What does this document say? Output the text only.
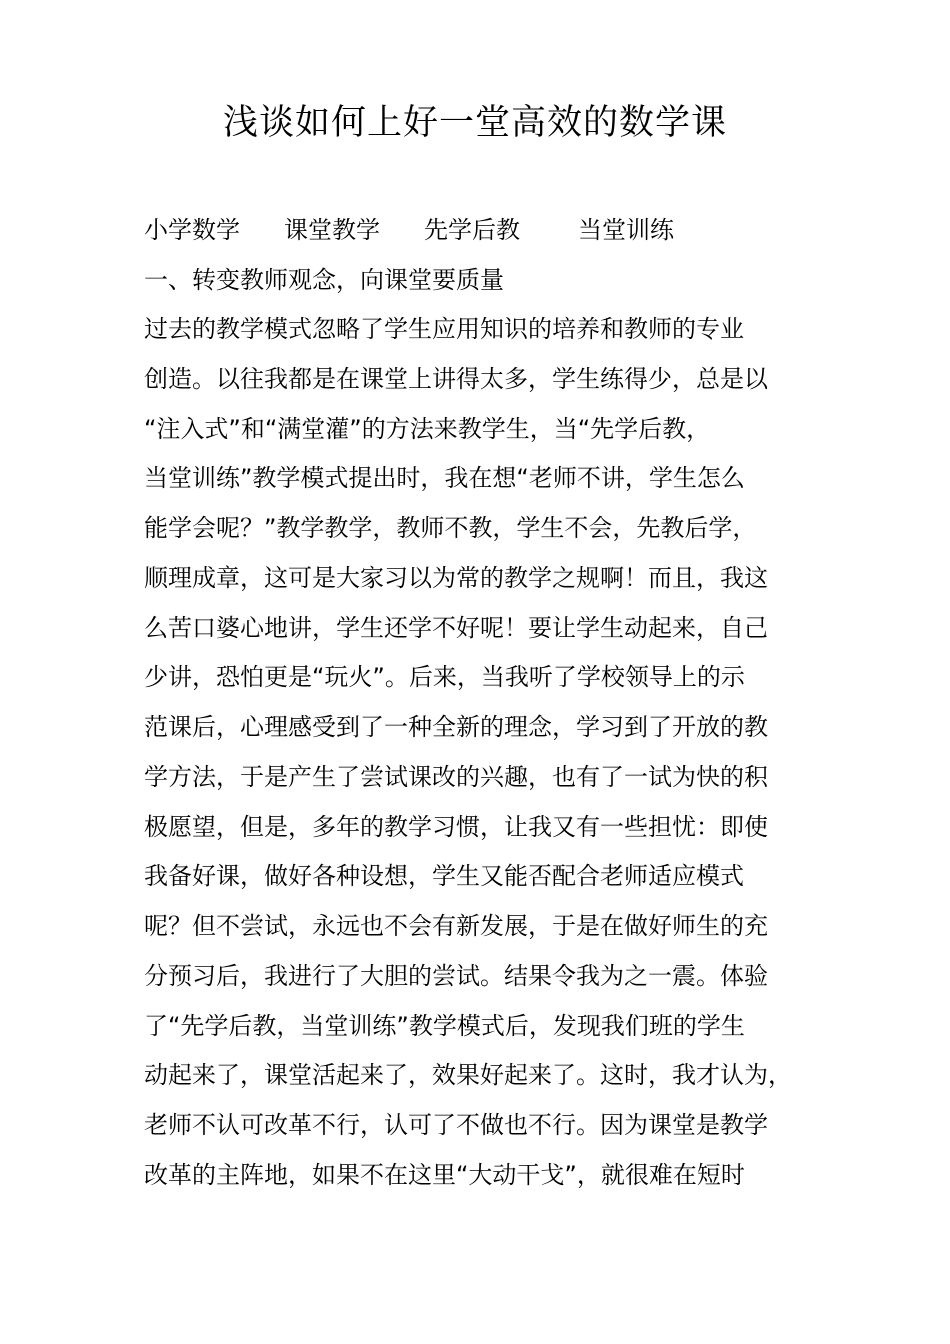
浅谈如何上好一堂高效的数学课
小学数学 课堂教学 先学后教 当堂训练
一、转变教师观念，向课堂要质量
过去的教学模式忽略了学生应用知识的培养和教师的专业
创造。以往我都是在课堂上讲得太多，学生练得少，总是以
“注入式”和“满堂灌”的方法来教学生，当“先学后教，
当堂训练”教学模式提出时，我在想“老师不讲，学生怎么
能学会呢？”教学教学，教师不教，学生不会，先教后学，
顺理成章，这可是大家习以为常的教学之规啊！而且，我这
么苦口婆心地讲，学生还学不好呢！要让学生动起来，自己
少讲，恐怕更是“玩火”。后来，当我听了学校领导上的示
范课后，心理感受到了一种全新的理念，学习到了开放的教
学方法，于是产生了尝试课改的兴趣，也有了一试为快的积
极愿望，但是，多年的教学习惯，让我又有一些担忧：即使
我备好课，做好各种设想，学生又能否配合老师适应模式
呢？但不尝试，永远也不会有新发展，于是在做好师生的充
分预习后，我进行了大胆的尝试。结果令我为之一震。体验
了“先学后教，当堂训练”教学模式后，发现我们班的学生
动起来了，课堂活起来了，效果好起来了。这时，我才认为，
老师不认可改革不行，认可了不做也不行。因为课堂是教学
改革的主阵地，如果不在这里“大动干戈”，就很难在短时
